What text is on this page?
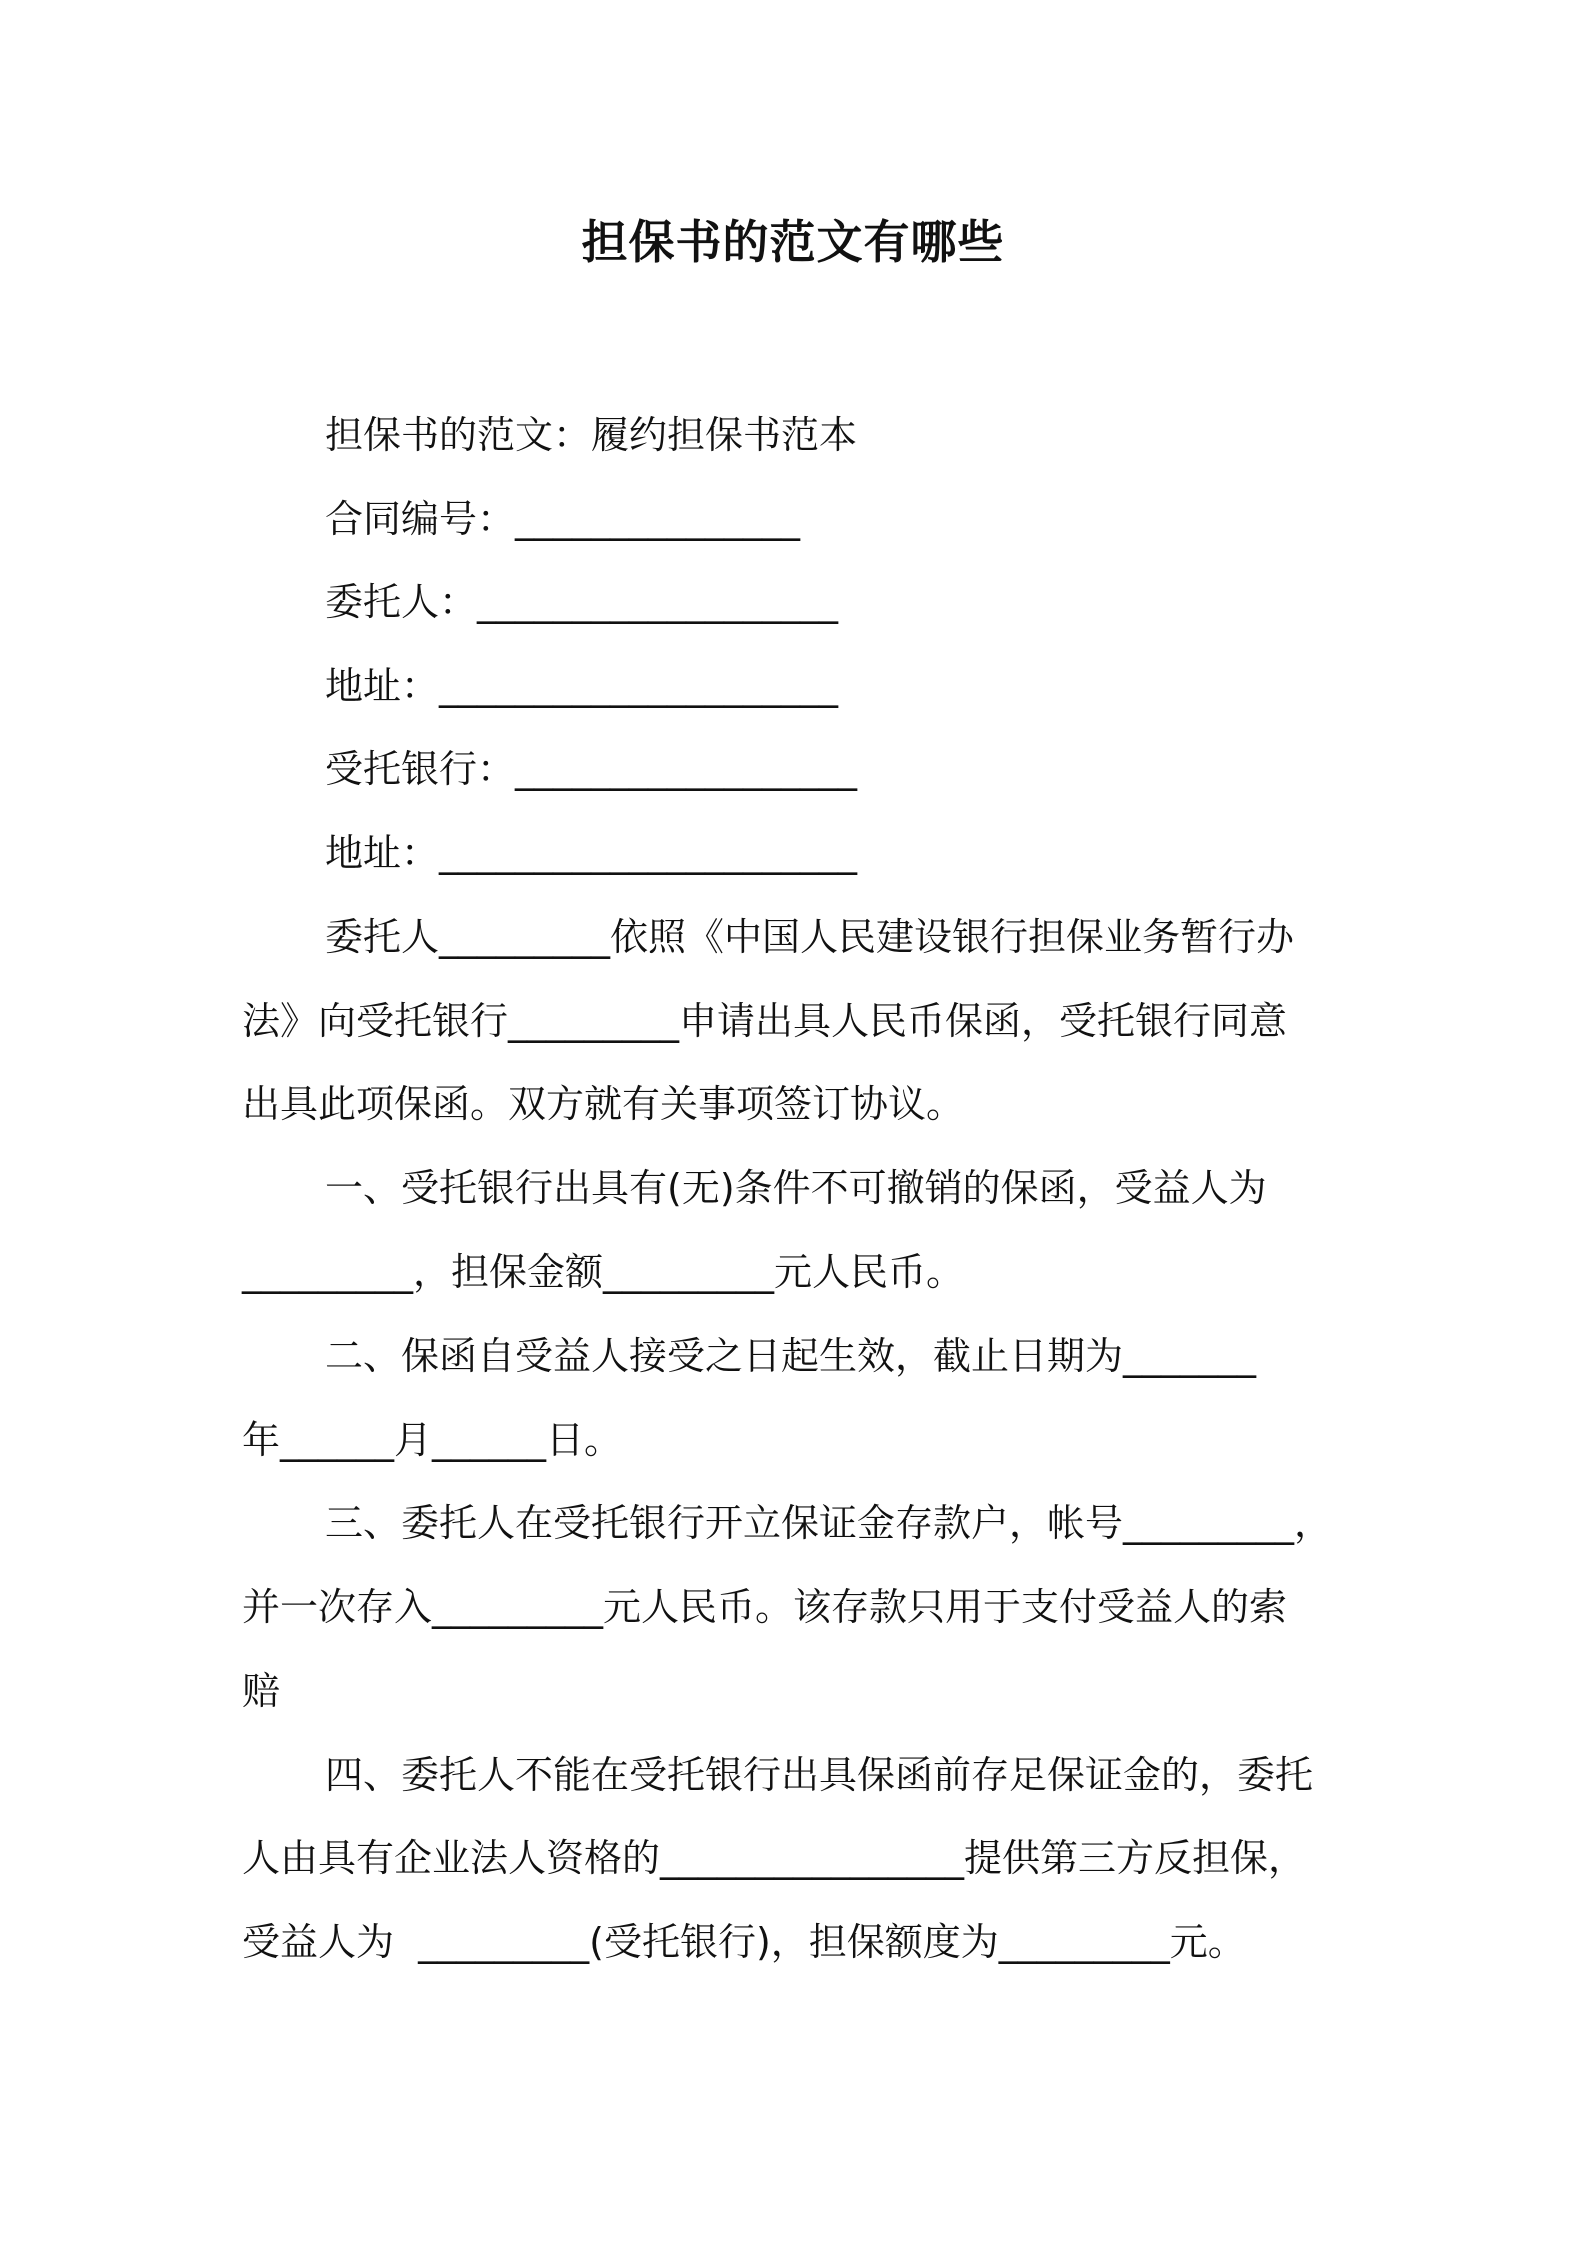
担保书的范文有哪些
担保书的范文：履约担保书范本
合同编号：_______________
委托人：___________________
地址：_____________________
受托银行：__________________
地址：______________________
委托人_________依照《中国人民建设银行担保业务暂行办
法》向受托银行_________申请出具人民币保函，受托银行同意
出具此项保函。双方就有关事项签订协议。
一、受托银行出具有(无)条件不可撤销的保函，受益人为
_________，担保金额_________元人民币。
二、保函自受益人接受之日起生效，截止日期为_______
年______月______日。
三、委托人在受托银行开立保证金存款户，帐号_________，
并一次存入_________元人民币。该存款只用于支付受益人的索
赔
四、委托人不能在受托银行出具保函前存足保证金的，委托
人由具有企业法人资格的________________提供第三方反担保，
受益人为  _________(受托银行)，担保额度为_________元。
